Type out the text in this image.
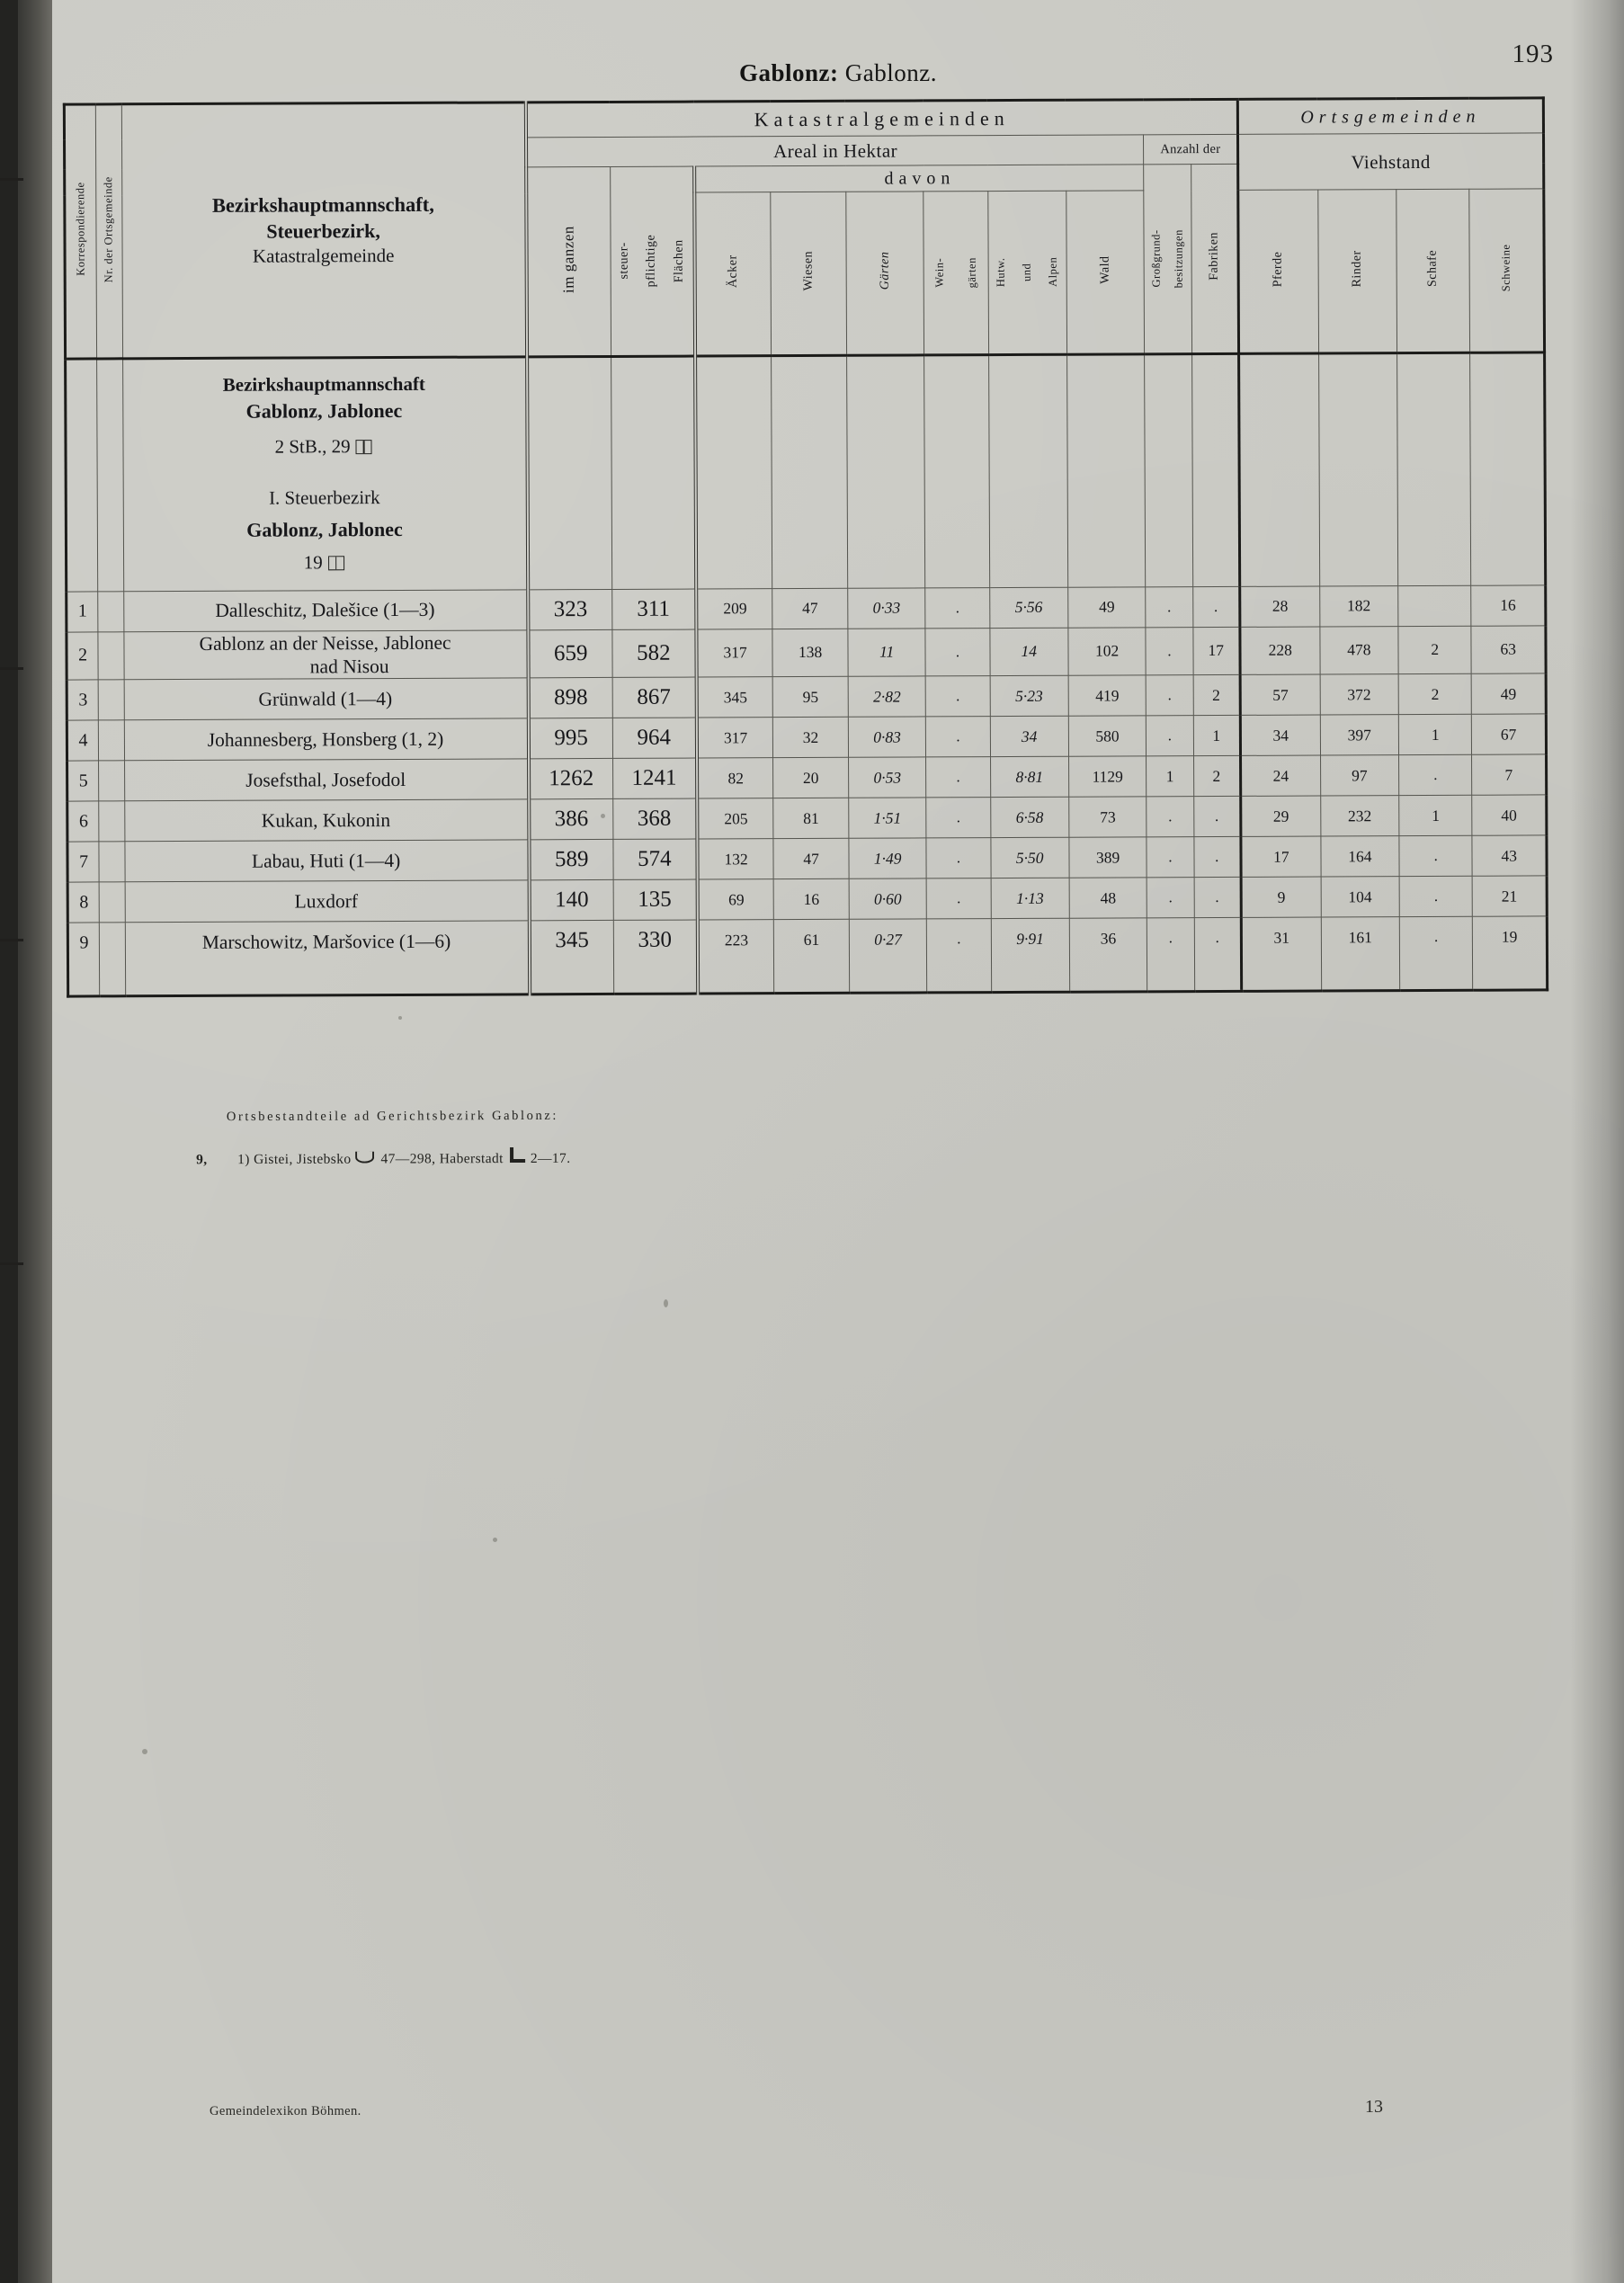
193
Gablonz: Gablonz.
Korrespondierende	Nr. der Ortsgemeinde	Bezirkshauptmannschaft,
Steuerbezirk,
Katastralgemeinde	Katastralgemeinden										Ortsgemeinden			

			Areal in Hektar								Anzahl der		Viehstand			

			im ganzen	steuer- pflichtige Flächen	davon						Großgrund- besitzungen	Fabriken				
					Äcker	Wiesen	Gärten	Wein- gärten	Hutw. und Alpen	Wald			Pferde	Rinder	Schafe	Schweine

Bezirkshauptmannschaft
Gablonz, Jablonec
2 StB., 29
I. Steuerbezirk
Gablonz, Jablonec
19

1		Dalleschitz, Dalešice (1—3)	323	311	209	47	0·33	.	5·56	49	.	.	28	182		16
2		Gablonz an der Neisse, Jablonec
nad Nisou	659	582	317	138	11	.	14	102	.	17	228	478	2	63
3		Grünwald (1—4)	898	867	345	95	2·82	.	5·23	419	.	2	57	372	2	49
4		Johannesberg, Honsberg (1, 2)	995	964	317	32	0·83	.	34	580	.	1	34	397	1	67
5		Josefsthal, Josefodol	1262	1241	82	20	0·53	.	8·81	1129	1	2	24	97	.	7
6		Kukan, Kukonin	386	368	205	81	1·51	.	6·58	73	.	.	29	232	1	40
7		Labau, Huti (1—4)	589	574	132	47	1·49	.	5·50	389	.	.	17	164	.	43
8		Luxdorf	140	135	69	16	0·60	.	1·13	48	.	.	9	104	.	21
9		Marschowitz, Maršovice (1—6)	345	330	223	61	0·27	.	9·91	36	.	.	31	161	.	19
Ortsbestandteile ad Gerichtsbezirk Gablonz:
9,	1) Gistei, Jistebsko 47—298, Haberstadt 2—17.
Gemeindelexikon Böhmen.	13
